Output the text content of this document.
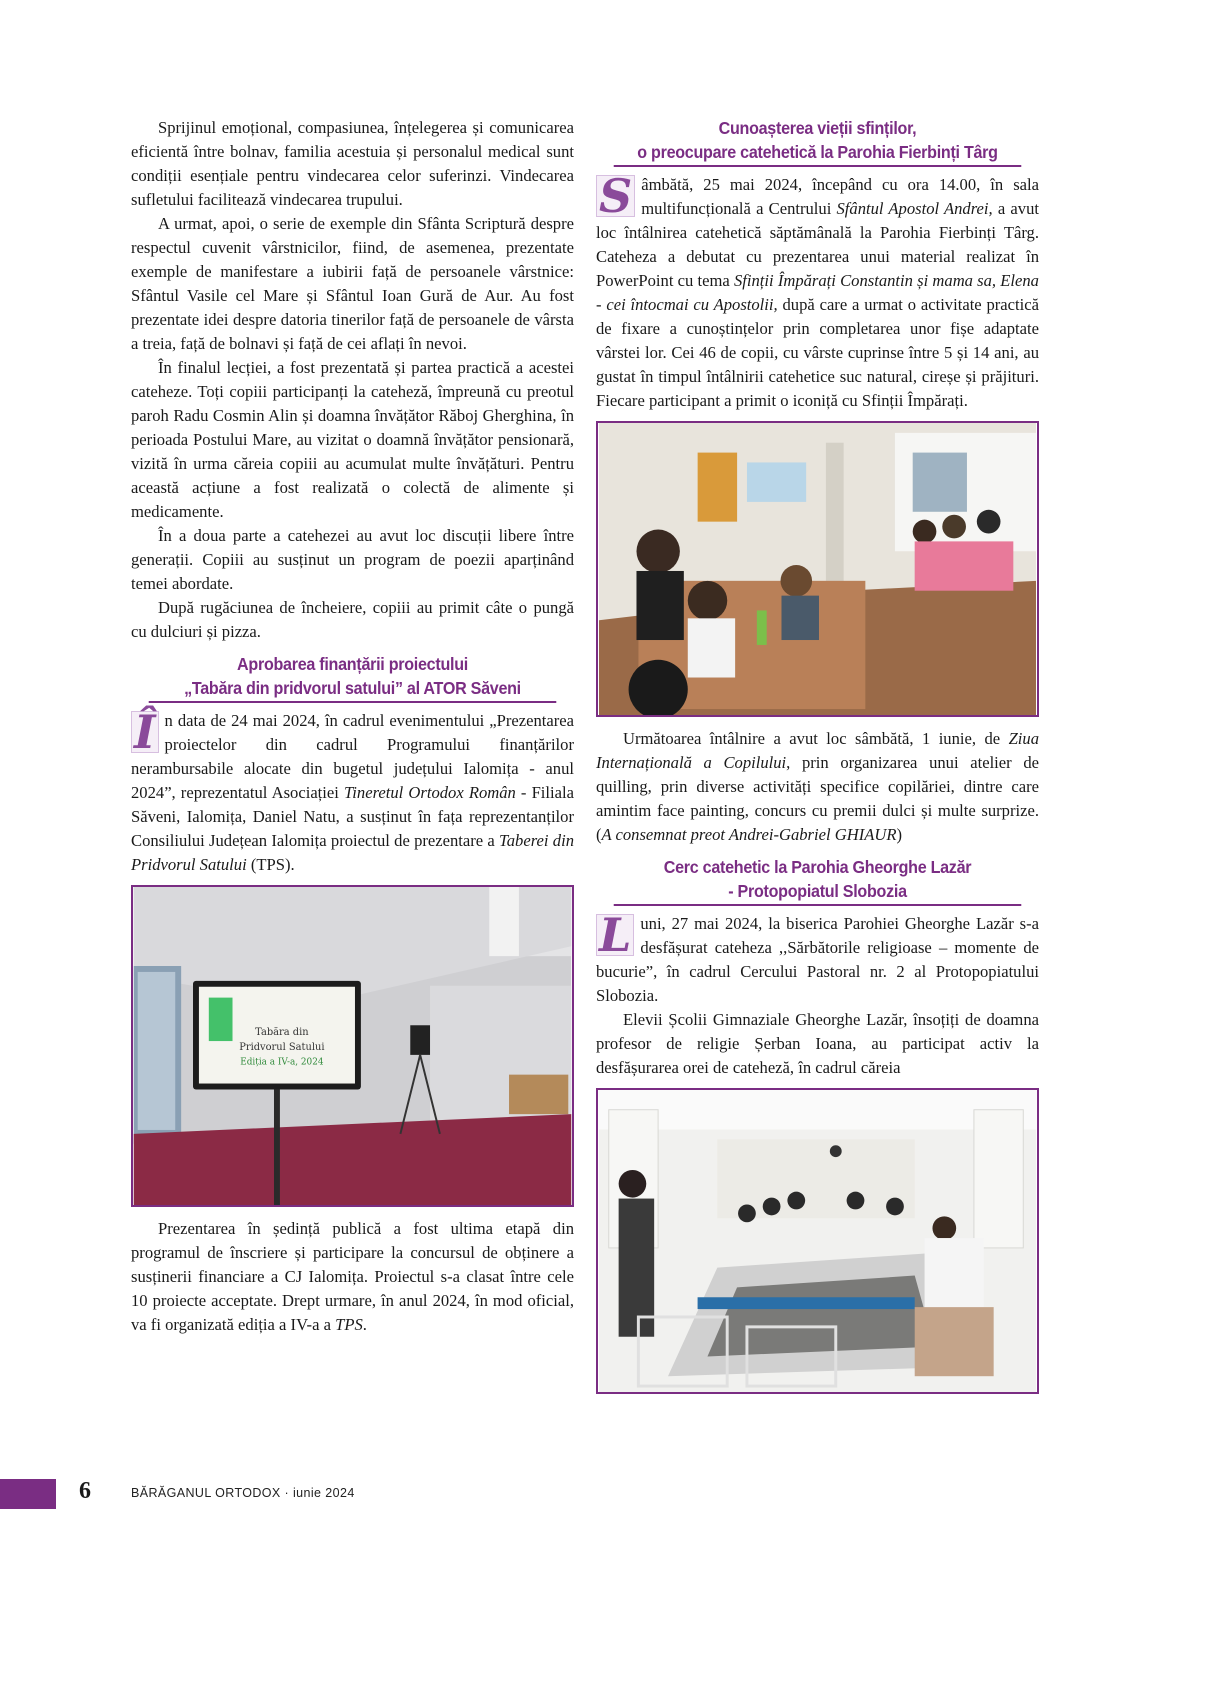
Sprijinul emoțional, compasiunea, înțelegerea și comunicarea eficientă între bolnav, familia acestuia și personalul medical sunt condiții esențiale pentru vindecarea celor suferinzi. Vindecarea sufletului facilitează vindecarea trupului.

A urmat, apoi, o serie de exemple din Sfânta Scriptură despre respectul cuvenit vârstnicilor, fiind, de asemenea, prezentate exemple de manifestare a iubirii față de persoanele vârstnice: Sfântul Vasile cel Mare și Sfântul Ioan Gură de Aur. Au fost prezentate idei despre datoria tinerilor față de persoanele de vârsta a treia, față de bolnavi și față de cei aflați în nevoi.

În finalul lecției, a fost prezentată și partea practică a acestei cateheze. Toți copiii participanți la cateheză, împreună cu preotul paroh Radu Cosmin Alin și doamna învățător Răboj Gherghina, în perioada Postului Mare, au vizitat o doamnă învățător pensionară, vizită în urma căreia copiii au acumulat multe învățături. Pentru această acțiune a fost realizată o colectă de alimente și medicamente.

În a doua parte a catehezei au avut loc discuții libere între generații. Copiii au susținut un program de poezii aparținând temei abordate.

După rugăciunea de încheiere, copiii au primit câte o pungă cu dulciuri și pizza.

Aprobarea finanțării proiectului
„Tabăra din pridvorul satului” al ATOR Săveni

Î n data de 24 mai 2024, în cadrul evenimentului „Prezentarea proiectelor din cadrul Programului finanțărilor nerambursabile alocate din bugetul județului Ialomița - anul 2024”, reprezentatul Asociației Tineretul Ortodox Român - Filiala Săveni, Ialomița, Daniel Natu, a susținut în fața reprezentanților Consiliului Județean Ialomița proiectul de prezentare a Taberei din Pridvorul Satului (TPS).

Tabăra din
Pridvorul Satului
Ediția a IV-a, 2024

Prezentarea în ședință publică a fost ultima etapă din programul de înscriere și participare la concursul de obținere a susținerii financiare a CJ Ialomița. Proiectul s-a clasat între cele 10 proiecte acceptate. Drept urmare, în anul 2024, în mod oficial, va fi organizată ediția a IV-a a TPS.

Cunoașterea vieții sfinților,
o preocupare catehetică la Parohia Fierbinți Târg

S âmbătă, 25 mai 2024, începând cu ora 14.00, în sala multifuncțională a Centrului Sfântul Apostol Andrei, a avut loc întâlnirea catehetică săptămânală la Parohia Fierbinți Târg. Cateheza a debutat cu prezentarea unui material realizat în PowerPoint cu tema Sfinții Împărați Constantin și mama sa, Elena - cei întocmai cu Apostolii, după care a urmat o activitate practică de fixare a cunoștințelor prin completarea unor fișe adaptate vârstei lor. Cei 46 de copii, cu vârste cuprinse între 5 și 14 ani, au gustat în timpul întâlnirii catehetice suc natural, cireșe și prăjituri. Fiecare participant a primit o iconiță cu Sfinții Împărați.

Următoarea întâlnire a avut loc sâmbătă, 1 iunie, de Ziua Internațională a Copilului, prin organizarea unui atelier de quilling, prin diverse activități specifice copilăriei, dintre care amintim face painting, concurs cu premii dulci și multe surprize. (A consemnat preot Andrei-Gabriel GHIAUR)

Cerc catehetic la Parohia Gheorghe Lazăr
- Protopopiatul Slobozia

L uni, 27 mai 2024, la biserica Parohiei Gheorghe Lazăr s-a desfășurat cateheza ,,Sărbătorile religioase – momente de bucurie”, în cadrul Cercului Pastoral nr. 2 al Protopopiatului Slobozia.

Elevii Școlii Gimnaziale Gheorghe Lazăr, însoțiți de doamna profesor de religie Șerban Ioana, au participat activ la desfășurarea orei de cateheză, în cadrul căreia

6	BĂRĂGANUL ORTODOX · iunie 2024
